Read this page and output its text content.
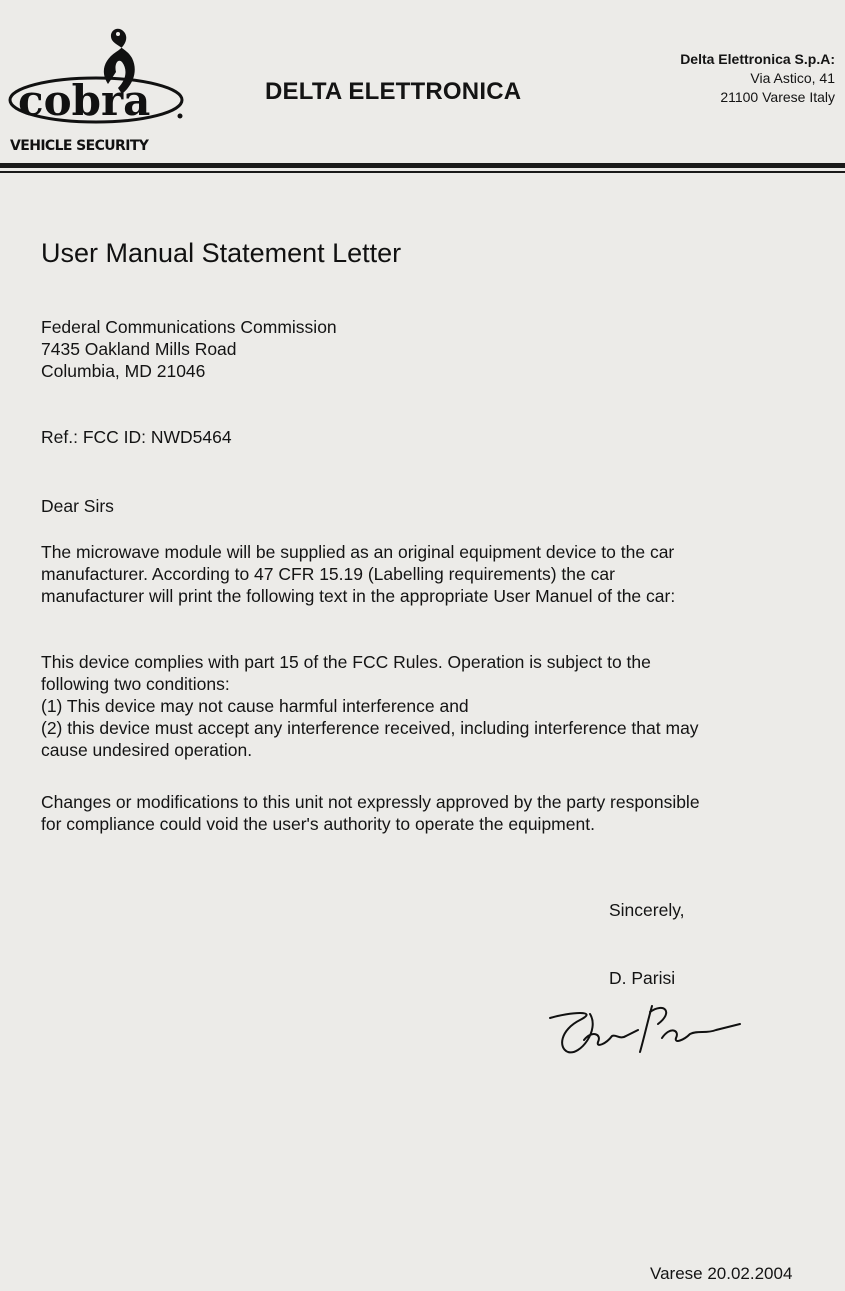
cobra
VEHICLE SECURITY
DELTA ELETTRONICA
Delta Elettronica S.p.A:
Via Astico, 41
21100 Varese Italy
User Manual Statement Letter
Federal Communications Commission
7435 Oakland Mills Road
Columbia, MD 21046
Ref.: FCC ID: NWD5464
Dear Sirs
The microwave module will be supplied as an original equipment device to the car
manufacturer. According to 47 CFR 15.19 (Labelling requirements) the car
manufacturer will print the following text in the appropriate User Manuel of the car:
This device complies with part 15 of the FCC Rules. Operation is subject to the
following two conditions:
(1) This device may not cause harmful interference and
(2) this device must accept any interference received, including interference that may
cause undesired operation.
Changes or modifications to this unit not expressly approved by the party responsible
for compliance could void the user's authority to operate the equipment.
Sincerely,
D. Parisi
Varese 20.02.2004
